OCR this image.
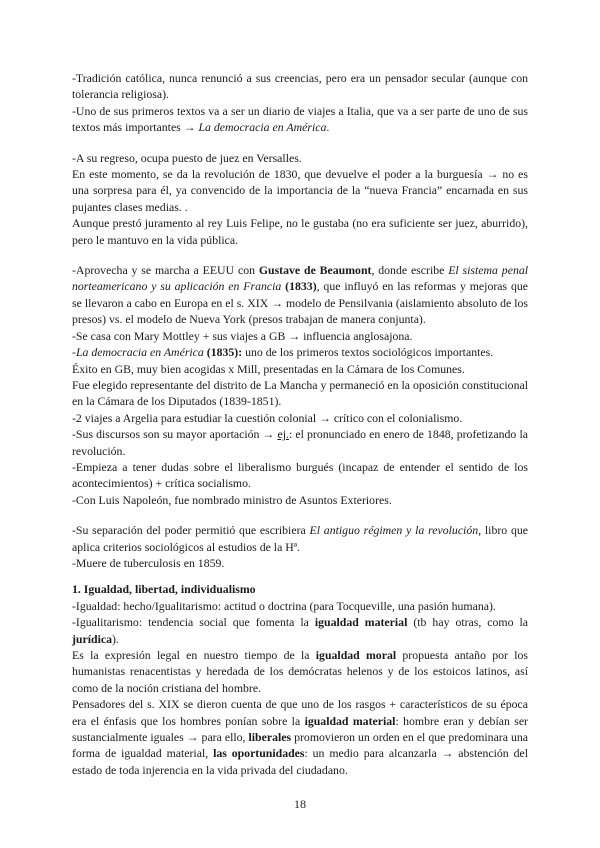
-Tradición católica, nunca renunció a sus creencias, pero era un pensador secular (aunque con tolerancia religiosa).

-Uno de sus primeros textos va a ser un diario de viajes a Italia, que va a ser parte de uno de sus textos más importantes → La democracia en América.

-A su regreso, ocupa puesto de juez en Versalles.

En este momento, se da la revolución de 1830, que devuelve el poder a la burguesía → no es una sorpresa para él, ya convencido de la importancia de la “nueva Francia” encarnada en sus pujantes clases medias. .

Aunque prestó juramento al rey Luis Felipe, no le gustaba (no era suficiente ser juez, aburrido), pero le mantuvo en la vida pública.

-Aprovecha y se marcha a EEUU con Gustave de Beaumont, donde escribe El sistema penal norteamericano y su aplicación en Francia (1833), que influyó en las reformas y mejoras que se llevaron a cabo en Europa en el s. XIX → modelo de Pensilvania (aislamiento absoluto de los presos) vs. el modelo de Nueva York (presos trabajan de manera conjunta).

-Se casa con Mary Mottley + sus viajes a GB → influencia anglosajona.

-La democracia en América (1835): uno de los primeros textos sociológicos importantes.

Éxito en GB, muy bien acogidas x Mill, presentadas en la Cámara de los Comunes.

Fue elegido representante del distrito de La Mancha y permaneció en la oposición constitucional en la Cámara de los Diputados (1839-1851).

-2 viajes a Argelia para estudiar la cuestión colonial → crítico con el colonialismo.

-Sus discursos son su mayor aportación → ej.: el pronunciado en enero de 1848, profetizando la revolución.

-Empieza a tener dudas sobre el liberalismo burgués (incapaz de entender el sentido de los acontecimientos) + crítica socialismo.

-Con Luis Napoleón, fue nombrado ministro de Asuntos Exteriores.

-Su separación del poder permitió que escribiera El antiguo régimen y la revolución, libro que aplica criterios sociológicos al estudios de la Hª.

-Muere de tuberculosis en 1859.

1. Igualdad, libertad, individualismo

-Igualdad: hecho/Igualitarismo: actitud o doctrina (para Tocqueville, una pasión humana).

-Igualitarismo: tendencia social que fomenta la igualdad material (tb hay otras, como la jurídica).

Es la expresión legal en nuestro tiempo de la igualdad moral propuesta antaño por los humanistas renacentistas y heredada de los demócratas helenos y de los estoicos latinos, así como de la noción cristiana del hombre.

Pensadores del s. XIX se dieron cuenta de que uno de los rasgos + característicos de su época era el énfasis que los hombres ponían sobre la igualdad material: hombre eran y debían ser sustancialmente iguales → para ello, liberales promovieron un orden en el que predominara una forma de igualdad material, las oportunidades: un medio para alcanzarla → abstención del estado de toda injerencia en la vida privada del ciudadano.

18
